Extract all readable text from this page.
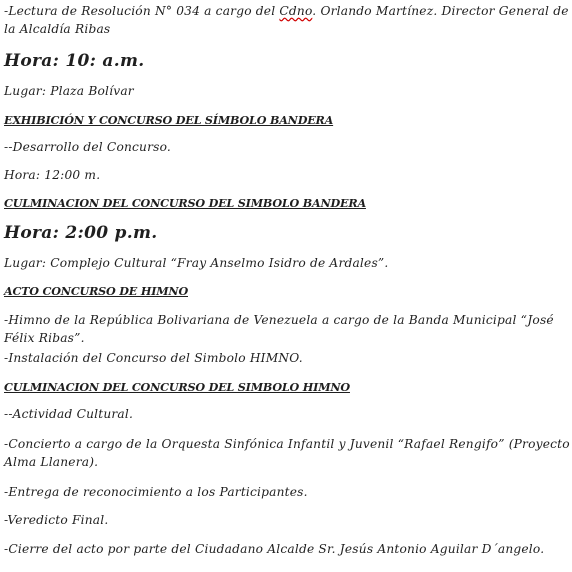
-Lectura de Resolución N° 034 a cargo del Cdno. Orlando Martínez. Director General de la Alcaldía Ribas
Hora: 10: a.m.
Lugar: Plaza Bolívar
EXHIBICIÓN Y CONCURSO DEL SÍMBOLO BANDERA
--Desarrollo del Concurso.
Hora: 12:00 m.
CULMINACION DEL CONCURSO DEL SIMBOLO BANDERA
Hora: 2:00 p.m.
Lugar: Complejo Cultural “Fray Anselmo Isidro de Ardales”.
ACTO CONCURSO DE HIMNO
-Himno de la República Bolivariana de Venezuela a cargo de la Banda Municipal “José Félix Ribas”.
-Instalación del Concurso del Simbolo HIMNO.
CULMINACION DEL CONCURSO DEL SIMBOLO HIMNO
--Actividad Cultural.
-Concierto a cargo de la Orquesta Sinfónica Infantil y Juvenil “Rafael Rengifo” (Proyecto Alma Llanera).
-Entrega de reconocimiento a los Participantes.
-Veredicto Final.
-Cierre del acto por parte del Ciudadano Alcalde Sr. Jesús Antonio Aguilar D´angelo.
